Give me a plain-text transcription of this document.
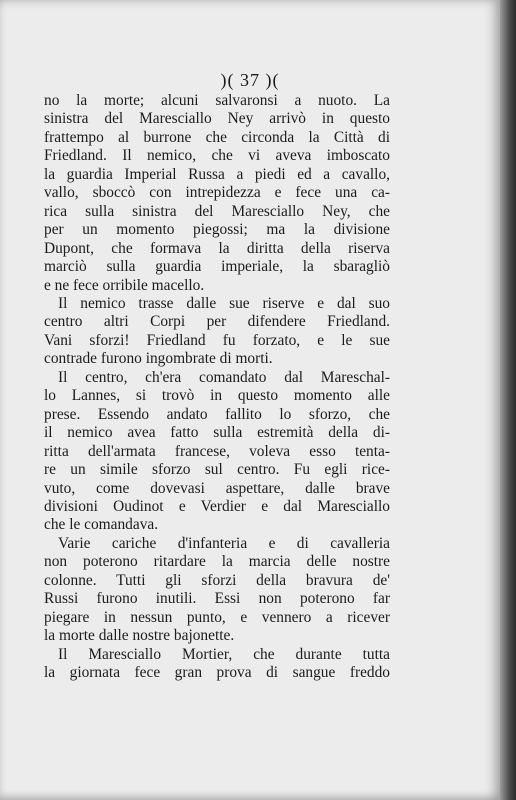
)( 37 )(
no la morte; alcuni salvaronsi a nuoto. La
sinistra del Maresciallo Ney arrivò in questo
frattempo al burrone che circonda la Città di
Friedland. Il nemico, che vi aveva imboscato
la guardia Imperial Russa a piedi ed a cavallo,
vallo, sboccò con intrepidezza e fece una ca-
rica sulla sinistra del Maresciallo Ney, che
per un momento piegossi; ma la divisione
Dupont, che formava la diritta della riserva
marciò sulla guardia imperiale, la sbaragliò
e ne fece orribile macello.
Il nemico trasse dalle sue riserve e dal suo
centro altri Corpi per difendere Friedland.
Vani sforzi! Friedland fu forzato, e le sue
contrade furono ingombrate di morti.
Il centro, ch'era comandato dal Mareschal-
lo Lannes, si trovò in questo momento alle
prese. Essendo andato fallito lo sforzo, che
il nemico avea fatto sulla estremità della di-
ritta dell'armata francese, voleva esso tenta-
re un simile sforzo sul centro. Fu egli rice-
vuto, come dovevasi aspettare, dalle brave
divisioni Oudinot e Verdier e dal Maresciallo
che le comandava.
Varie cariche d'infanteria e di cavalleria
non poterono ritardare la marcia delle nostre
colonne. Tutti gli sforzi della bravura de'
Russi furono inutili. Essi non poterono far
piegare in nessun punto, e vennero a ricever
la morte dalle nostre bajonette.
Il Maresciallo Mortier, che durante tutta
la giornata fece gran prova di sangue freddo
